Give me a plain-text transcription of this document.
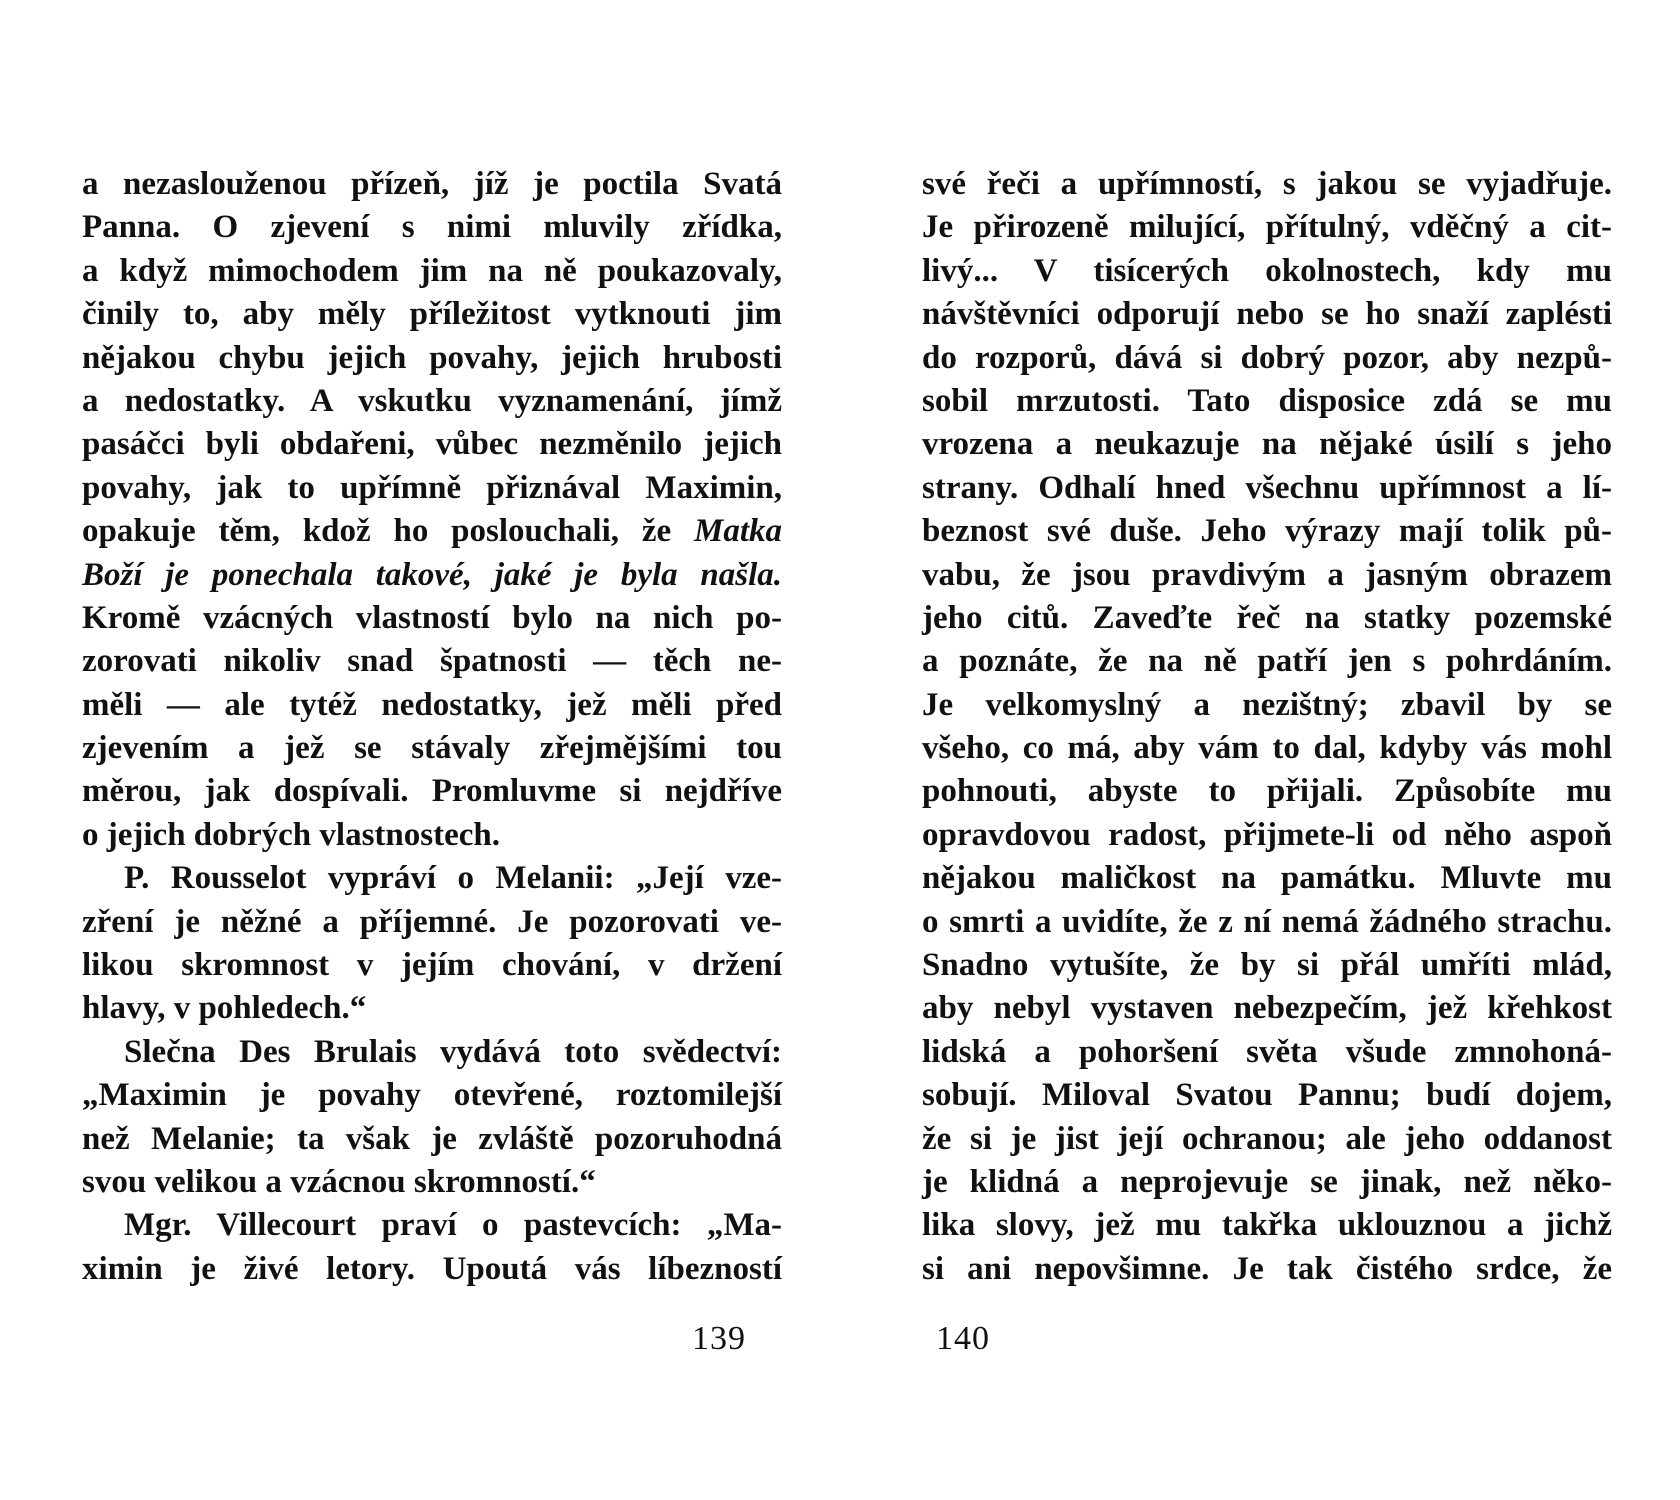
a nezaslouženou přízeň, jíž je poctila Svatá
Panna. O zjevení s nimi mluvily zřídka,
a když mimochodem jim na ně poukazovaly,
činily to, aby měly příležitost vytknouti jim
nějakou chybu jejich povahy, jejich hrubosti
a nedostatky. A vskutku vyznamenání, jímž
pasáčci byli obdařeni, vůbec nezměnilo jejich
povahy, jak to upřímně přiznával Maximin,
opakuje těm, kdož ho poslouchali, že Matka
Boží je ponechala takové, jaké je byla našla.
Kromě vzácných vlastností bylo na nich po-
zorovati nikoliv snad špatnosti — těch ne-
měli — ale tytéž nedostatky, jež měli před
zjevením a jež se stávaly zřejmějšími tou
měrou, jak dospívali. Promluvme si nejdříve
o jejich dobrých vlastnostech.
P. Rousselot vypráví o Melanii: „Její vze-
zření je něžné a příjemné. Je pozorovati ve-
likou skromnost v jejím chování, v držení
hlavy, v pohledech.“
Slečna Des Brulais vydává toto svědectví:
„Maximin je povahy otevřené, roztomilejší
než Melanie; ta však je zvláště pozoruhodná
svou velikou a vzácnou skromností.“
Mgr. Villecourt praví o pastevcích: „Ma-
ximin je živé letory. Upoutá vás líbezností
své řeči a upřímností, s jakou se vyjadřuje.
Je přirozeně milující, přítulný, vděčný a cit-
livý... V tisícerých okolnostech, kdy mu
návštěvníci odporují nebo se ho snaží zaplésti
do rozporů, dává si dobrý pozor, aby nezpů-
sobil mrzutosti. Tato disposice zdá se mu
vrozena a neukazuje na nějaké úsilí s jeho
strany. Odhalí hned všechnu upřímnost a lí-
beznost své duše. Jeho výrazy mají tolik pů-
vabu, že jsou pravdivým a jasným obrazem
jeho citů. Zaveďte řeč na statky pozemské
a poznáte, že na ně patří jen s pohrdáním.
Je velkomyslný a nezištný; zbavil by se
všeho, co má, aby vám to dal, kdyby vás mohl
pohnouti, abyste to přijali. Způsobíte mu
opravdovou radost, přijmete-li od něho aspoň
nějakou maličkost na památku. Mluvte mu
o smrti a uvidíte, že z ní nemá žádného strachu.
Snadno vytušíte, že by si přál umříti mlád,
aby nebyl vystaven nebezpečím, jež křehkost
lidská a pohoršení světa všude zmnohoná-
sobují. Miloval Svatou Pannu; budí dojem,
že si je jist její ochranou; ale jeho oddanost
je klidná a neprojevuje se jinak, než něko-
lika slovy, jež mu takřka uklouznou a jichž
si ani nepovšimne. Je tak čistého srdce, že
139	140
